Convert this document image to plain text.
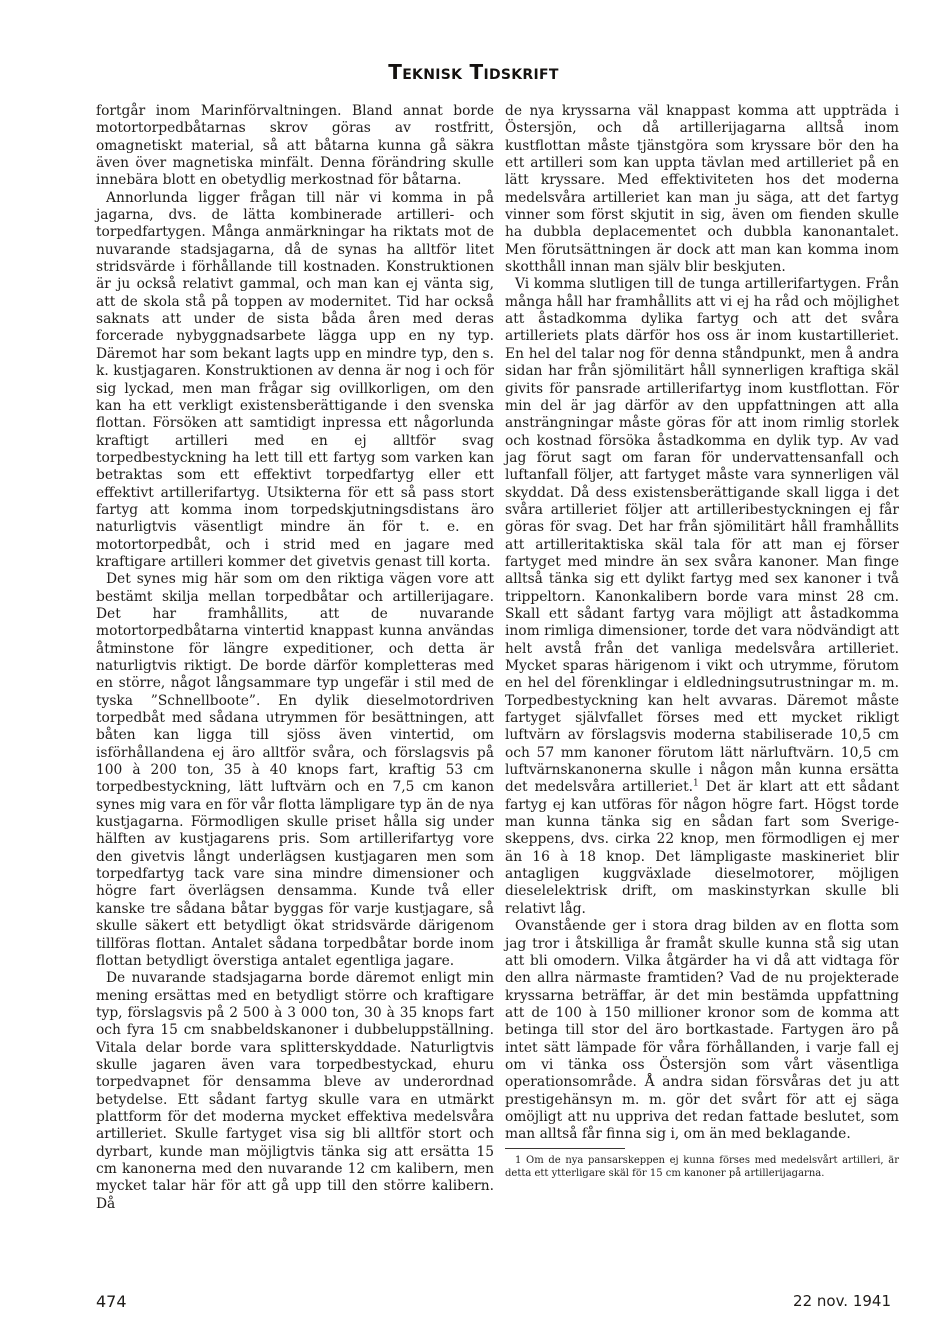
Teknisk Tidskrift

fortgår inom Marinförvaltningen. Bland annat borde motortorpedbåtarnas skrov göras av rostfritt, omagnetiskt material, så att båtarna kunna gå säkra även över magnetiska minfält. Denna förändring skulle innebära blott en obetydlig merkostnad för båtarna.

Annorlunda ligger frågan till när vi komma in på jagarna, dvs. de lätta kombinerade artilleri- och torpedfartygen. Många anmärkningar ha riktats mot de nuvarande stadsjagarna, då de synas ha alltför litet stridsvärde i förhållande till kostnaden. Konstruktionen är ju också relativt gammal, och man kan ej vänta sig, att de skola stå på toppen av modernitet. Tid har också saknats att under de sista båda åren med deras forcerade nybyggnadsarbete lägga upp en ny typ. Däremot har som bekant lagts upp en mindre typ, den s. k. kustjagaren. Konstruktionen av denna är nog i och för sig lyckad, men man frågar sig ovillkorligen, om den kan ha ett verkligt existensberättigande i den svenska flottan. Försöken att samtidigt inpressa ett någorlunda kraftigt artilleri med en ej alltför svag torpedbestyckning ha lett till ett fartyg som varken kan betraktas som ett effektivt torpedfartyg eller ett effektivt artillerifartyg. Utsikterna för ett så pass stort fartyg att komma inom torpedskjutningsdistans äro naturligtvis väsentligt mindre än för t. e. en motortorpedbåt, och i strid med en jagare med kraftigare artilleri kommer det givetvis genast till korta.

Det synes mig här som om den riktiga vägen vore att bestämt skilja mellan torpedbåtar och artillerijagare. Det har framhållits, att de nuvarande motortorpedbåtarna vintertid knappast kunna användas åtminstone för längre expeditioner, och detta är naturligtvis riktigt. De borde därför kompletteras med en större, något långsammare typ ungefär i stil med de tyska ”Schnellboote”. En dylik dieselmotordriven torpedbåt med sådana utrymmen för besättningen, att båten kan ligga till sjöss även vintertid, om isförhållandena ej äro alltför svåra, och förslagsvis på 100 à 200 ton, 35 à 40 knops fart, kraftig 53 cm torpedbestyckning, lätt luftvärn och en 7,5 cm kanon synes mig vara en för vår flotta lämpligare typ än de nya kustjagarna. Förmodligen skulle priset hålla sig under hälften av kustjagarens pris. Som artillerifartyg vore den givetvis långt underlägsen kustjagaren men som torpedfartyg tack vare sina mindre dimensioner och högre fart överlägsen densamma. Kunde två eller kanske tre sådana båtar byggas för varje kustjagare, så skulle säkert ett betydligt ökat stridsvärde därigenom tillföras flottan. Antalet sådana torpedbåtar borde inom flottan betydligt överstiga antalet egentliga jagare.

De nuvarande stadsjagarna borde däremot enligt min mening ersättas med en betydligt större och kraftigare typ, förslagsvis på 2 500 à 3 000 ton, 30 à 35 knops fart och fyra 15 cm snabbeldskanoner i dubbeluppställning. Vitala delar borde vara splitterskyddade. Naturligtvis skulle jagaren även vara torpedbestyckad, ehuru torpedvapnet för densamma bleve av underordnad betydelse. Ett sådant fartyg skulle vara en utmärkt plattform för det moderna mycket effektiva medelsvåra artilleriet. Skulle fartyget visa sig bli alltför stort och dyrbart, kunde man möjligtvis tänka sig att ersätta 15 cm kanonerna med den nuvarande 12 cm kalibern, men mycket talar här för att gå upp till den större kalibern. Då

de nya kryssarna väl knappast komma att uppträda i Östersjön, och då artillerijagarna alltså inom kustflottan måste tjänstgöra som kryssare bör den ha ett artilleri som kan uppta tävlan med artilleriet på en lätt kryssare. Med effektiviteten hos det moderna medelsvåra artilleriet kan man ju säga, att det fartyg vinner som först skjutit in sig, även om fienden skulle ha dubbla deplacementet och dubbla kanonantalet. Men förutsättningen är dock att man kan komma inom skotthåll innan man själv blir beskjuten.

Vi komma slutligen till de tunga artillerifartygen. Från många håll har framhållits att vi ej ha råd och möjlighet att åstadkomma dylika fartyg och att det svåra artilleriets plats därför hos oss är inom kustartilleriet. En hel del talar nog för denna ståndpunkt, men å andra sidan har från sjömilitärt håll synnerligen kraftiga skäl givits för pansrade artillerifartyg inom kustflottan. För min del är jag därför av den uppfattningen att alla ansträngningar måste göras för att inom rimlig storlek och kostnad försöka åstadkomma en dylik typ. Av vad jag förut sagt om faran för undervattensanfall och luftanfall följer, att fartyget måste vara synnerligen väl skyddat. Då dess existensberättigande skall ligga i det svåra artilleriet följer att artilleribestyckningen ej får göras för svag. Det har från sjömilitärt håll framhållits att artilleritaktiska skäl tala för att man ej förser fartyget med mindre än sex svåra kanoner. Man finge alltså tänka sig ett dylikt fartyg med sex kanoner i två trippeltorn. Kanonkalibern borde vara minst 28 cm. Skall ett sådant fartyg vara möjligt att åstadkomma inom rimliga dimensioner, torde det vara nödvändigt att helt avstå från det vanliga medelsvåra artilleriet. Mycket sparas härigenom i vikt och utrymme, förutom en hel del förenklingar i eldledningsutrustningar m. m. Torpedbestyckning kan helt avvaras. Däremot måste fartyget självfallet förses med ett mycket rikligt luftvärn av förslagsvis moderna stabiliserade 10,5 cm och 57 mm kanoner förutom lätt närluftvärn. 10,5 cm luftvärnskanonerna skulle i någon mån kunna ersätta det medelsvåra artilleriet.$^1$ Det är klart att ett sådant fartyg ej kan utföras för någon högre fart. Högst torde man kunna tänka sig en sådan fart som Sverige-skeppens, dvs. cirka 22 knop, men förmodligen ej mer än 16 à 18 knop. Det lämpligaste maskineriet blir antagligen kuggväxlade dieselmotorer, möjligen dieselelektrisk drift, om maskinstyrkan skulle bli relativt låg.

Ovanstående ger i stora drag bilden av en flotta som jag tror i åtskilliga år framåt skulle kunna stå sig utan att bli omodern. Vilka åtgärder ha vi då att vidtaga för den allra närmaste framtiden? Vad de nu projekterade kryssarna beträffar, är det min bestämda uppfattning att de 100 à 150 millioner kronor som de komma att betinga till stor del äro bortkastade. Fartygen äro på intet sätt lämpade för våra förhållanden, i varje fall ej om vi tänka oss Östersjön som vårt väsentliga operationsområde. Å andra sidan försvåras det ju att prestigehänsyn m. m. gör det svårt för att ej säga omöjligt att nu uppriva det redan fattade beslutet, som man alltså får finna sig i, om än med beklagande.

1 Om de nya pansarskeppen ej kunna förses med medelsvårt artilleri, är detta ett ytterligare skäl för 15 cm kanoner på artillerijagarna.
474	22 nov. 1941
